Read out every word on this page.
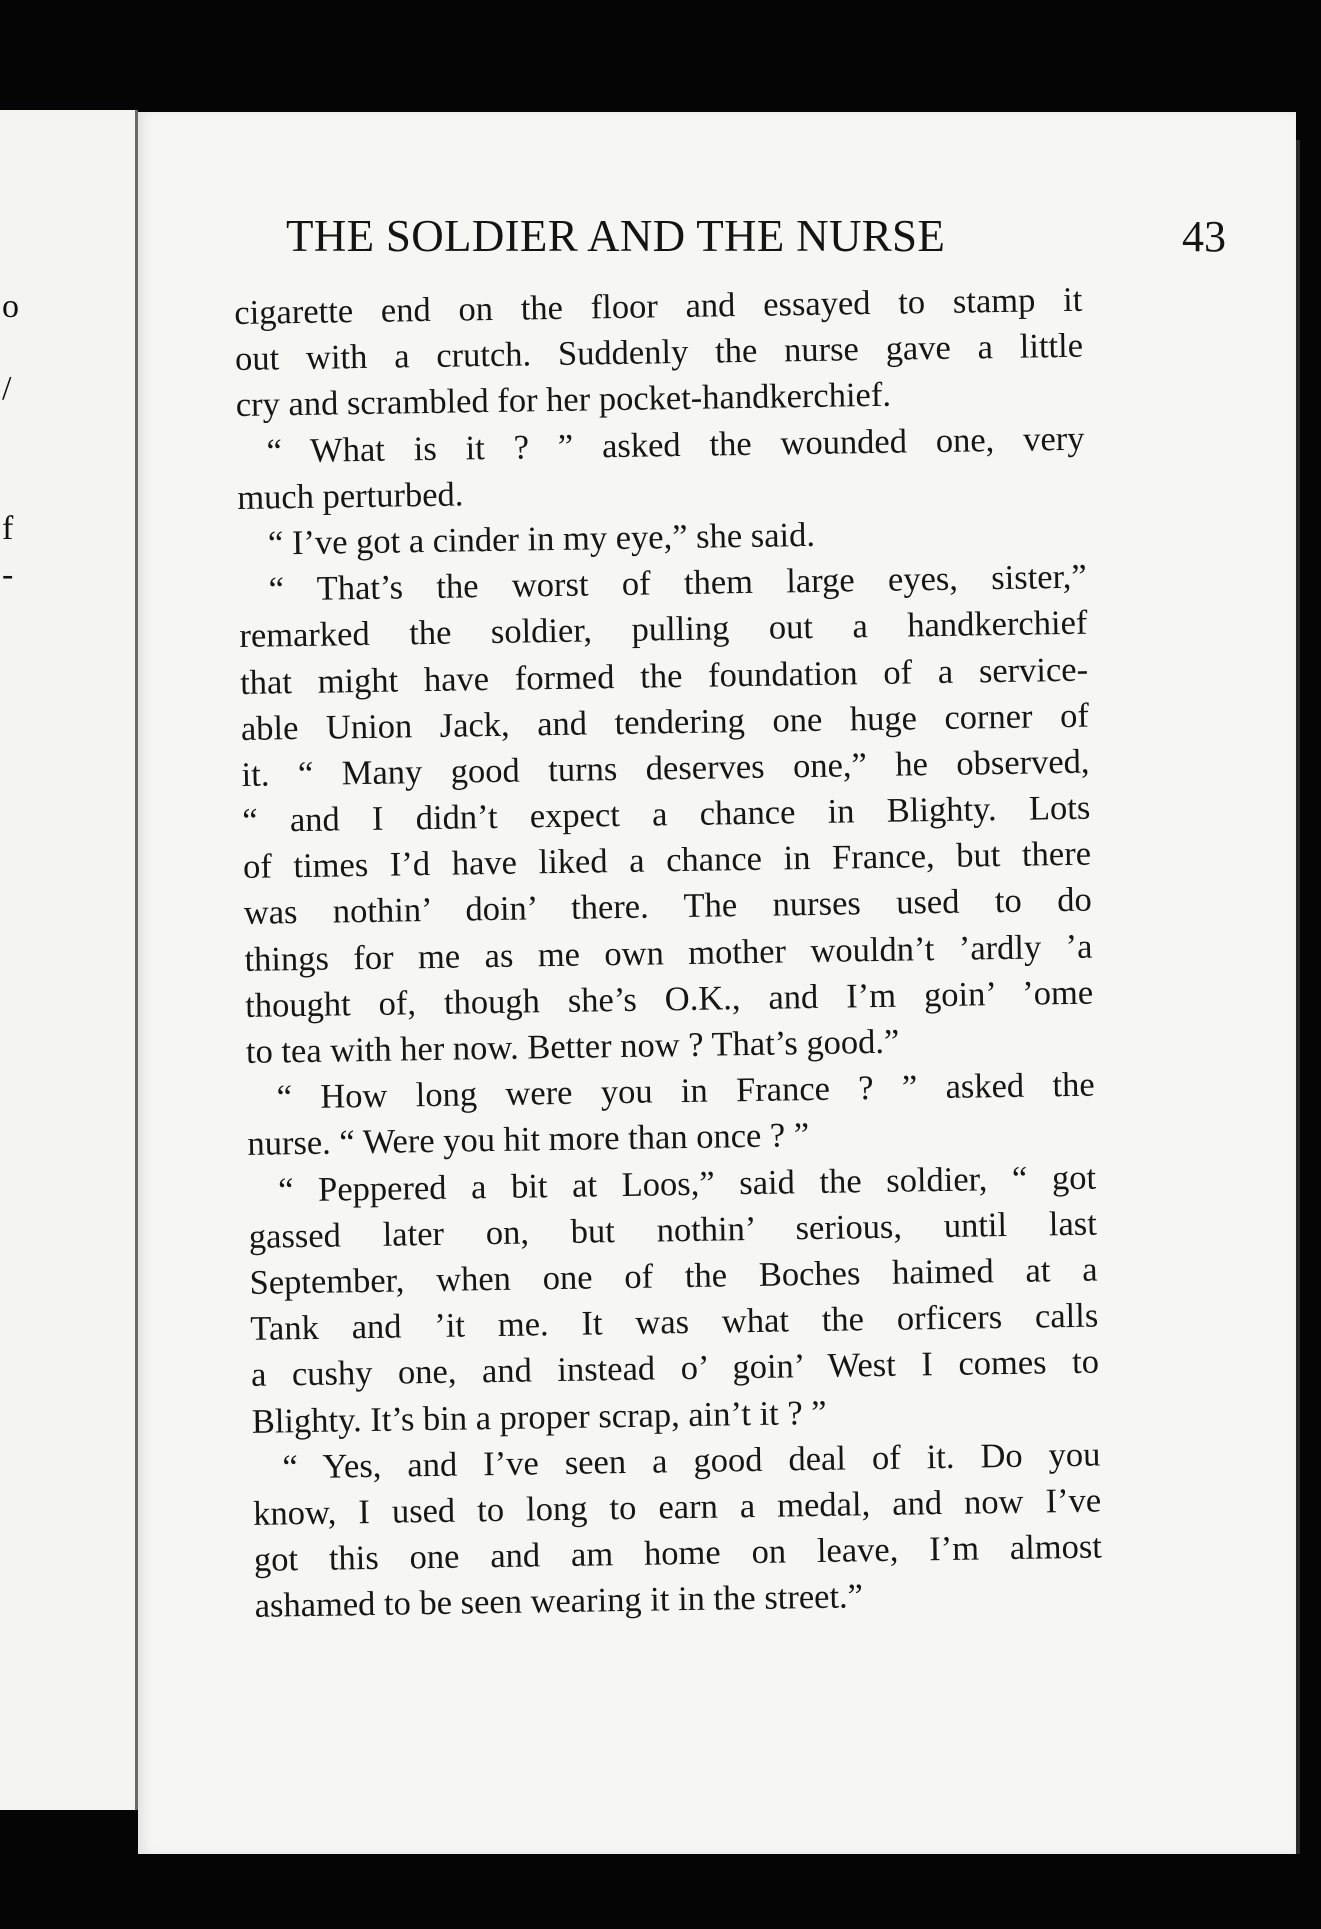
o
/
f
-
THE SOLDIER AND THE NURSE	43
cigarette end on the floor and essayed to stamp it
out with a crutch. Suddenly the nurse gave a little
cry and scrambled for her pocket-handkerchief.
“ What is it ? ” asked the wounded one, very
much perturbed.
“ I’ve got a cinder in my eye,” she said.
“ That’s the worst of them large eyes, sister,”
remarked the soldier, pulling out a handkerchief
that might have formed the foundation of a service-
able Union Jack, and tendering one huge corner of
it. “ Many good turns deserves one,” he observed,
“ and I didn’t expect a chance in Blighty. Lots
of times I’d have liked a chance in France, but there
was nothin’ doin’ there. The nurses used to do
things for me as me own mother wouldn’t ’ardly ’a
thought of, though she’s O.K., and I’m goin’ ’ome
to tea with her now. Better now ? That’s good.”
“ How long were you in France ? ” asked the
nurse. “ Were you hit more than once ? ”
“ Peppered a bit at Loos,” said the soldier, “ got
gassed later on, but nothin’ serious, until last
September, when one of the Boches haimed at a
Tank and ’it me. It was what the orficers calls
a cushy one, and instead o’ goin’ West I comes to
Blighty. It’s bin a proper scrap, ain’t it ? ”
“ Yes, and I’ve seen a good deal of it. Do you
know, I used to long to earn a medal, and now I’ve
got this one and am home on leave, I’m almost
ashamed to be seen wearing it in the street.”
